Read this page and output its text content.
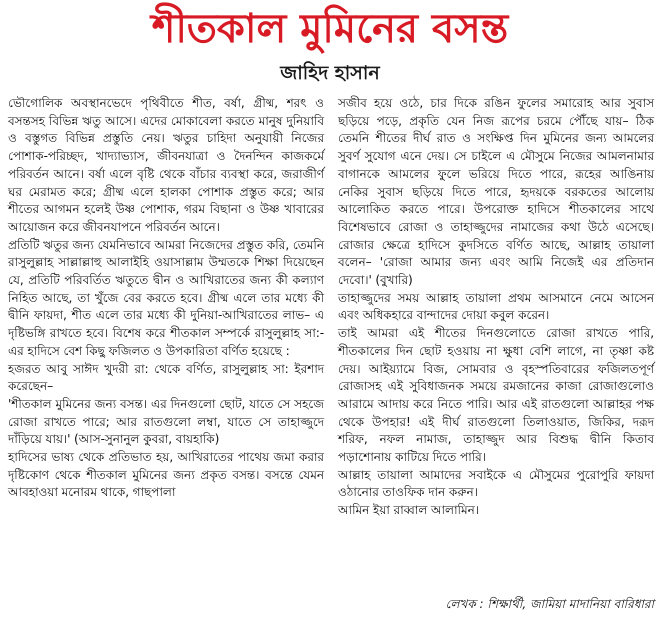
শীতকাল মুমিনের বসন্ত
জাহিদ হাসান

ভৌগোলিক অবস্থানভেদে পৃথিবীতে শীত, বর্ষা, গ্রীষ্ম, শরৎ ও বসন্তসহ বিভিন্ন ঋতু আসে। এদের মোকাবেলা করতে মানুষ দুনিয়াবি ও বস্তুগত বিভিন্ন প্রস্তুতি নেয়। ঋতুর চাহিদা অনুযায়ী নিজের পোশাক-পরিচ্ছদ, খাদ্যাভ্যাস, জীবনযাত্রা ও দৈনন্দিন কাজকর্মে পরিবর্তন আনে। বর্ষা এলে বৃষ্টি থেকে বাঁচার ব্যবস্থা করে, জরাজীর্ণ ঘর মেরামত করে; গ্রীষ্ম এলে হালকা পোশাক প্রস্তুত করে; আর শীতের আগমন হলেই উষ্ণ পোশাক, গরম বিছানা ও উষ্ণ খাবারের আয়োজন করে জীবনযাপনে পরিবর্তন আনে।

প্রতিটি ঋতুর জন্য যেমনিভাবে আমরা নিজেদের প্রস্তুত করি, তেমনি রাসুলুল্লাহ সাল্লাল্লাহু আলাইহি ওয়াসাল্লাম উম্মতকে শিক্ষা দিয়েছেন যে, প্রতিটি পরিবর্তিত ঋতুতে দ্বীন ও আখিরাতের জন্য কী কল্যাণ নিহিত আছে, তা খুঁজে বের করতে হবে। গ্রীষ্ম এলে তার মধ্যে কী দ্বীনি ফায়দা, শীত এলে তার মধ্যে কী দুনিয়া-আখিরাতের লাভ– এ দৃষ্টিভঙ্গি রাখতে হবে। বিশেষ করে শীতকাল সম্পর্কে রাসুলুল্লাহ সা:-এর হাদিসে বেশ কিছু ফজিলত ও উপকারিতা বর্ণিত হয়েছে :

হজরত আবু সাঈদ খুদরী রা: থেকে বর্ণিত, রাসুলুল্লাহ সা: ইরশাদ করেছেন–

'শীতকাল মুমিনের জন্য বসন্ত। এর দিনগুলো ছোট, যাতে সে সহজে রোজা রাখতে পারে; আর রাতগুলো লম্বা, যাতে সে তাহাজ্জুদে দাঁড়িয়ে যায়।' (আস-সুনানুল কুবরা, বায়হাকি)

হাদিসের ভাষ্য থেকে প্রতিভাত হয়, আখিরাতের পাথেয় জমা করার দৃষ্টিকোণ থেকে শীতকাল মুমিনের জন্য প্রকৃত বসন্ত। বসন্তে যেমন আবহাওয়া মনোরম থাকে, গাছপালা

সজীব হয়ে ওঠে, চার দিকে রঙিন ফুলের সমারোহ আর সুবাস ছড়িয়ে পড়ে, প্রকৃতি যেন নিজ রূপের চরমে পৌঁছে যায়– ঠিক তেমনি শীতের দীর্ঘ রাত ও সংক্ষিপ্ত দিন মুমিনের জন্য আমলের সুবর্ণ সুযোগ এনে দেয়। সে চাইলে এ মৌসুমে নিজের আমলনামার বাগানকে আমলের ফুলে ভরিয়ে দিতে পারে, রূহের আঙিনায় নেকির সুবাস ছড়িয়ে দিতে পারে, হৃদয়কে বরকতের আলোয় আলোকিত করতে পারে। উপরোক্ত হাদিসে শীতকালের সাথে বিশেষভাবে রোজা ও তাহাজ্জুদের নামাজের কথা উঠে এসেছে। রোজার ক্ষেত্রে হাদিসে কুদসিতে বর্ণিত আছে, আল্লাহ তায়ালা বলেন– 'রোজা আমার জন্য এবং আমি নিজেই এর প্রতিদান দেবো।' (বুখারি)

তাহাজ্জুদের সময় আল্লাহ তায়ালা প্রথম আসমানে নেমে আসেন এবং অধিকহারে বান্দাদের দোয়া কবুল করেন।

তাই আমরা এই শীতের দিনগুলোতে রোজা রাখতে পারি, শীতকালের দিন ছোট হওয়ায় না ক্ষুধা বেশি লাগে, না তৃষ্ণা কষ্ট দেয়। আইয়্যামে বিজ, সোমবার ও বৃহস্পতিবারের ফজিলতপূর্ণ রোজাসহ এই সুবিধাজনক সময়ে রমজানের কাজা রোজাগুলোও আরামে আদায় করে নিতে পারি। আর এই রাতগুলো আল্লাহর পক্ষ থেকে উপহার! এই দীর্ঘ রাতগুলো তিলাওয়াত, জিকির, দরূদ শরিফ, নফল নামাজ, তাহাজ্জুদ আর বিশুদ্ধ দ্বীনি কিতাব পড়াশোনায় কাটিয়ে দিতে পারি।

আল্লাহ তায়ালা আমাদের সবাইকে এ মৌসুমের পুরোপুরি ফায়দা ওঠানোর তাওফিক দান করুন।

আমিন ইয়া রাব্বাল আলামিন।

লেখক : শিক্ষার্থী, জামিয়া মাদানিয়া বারিধারা
